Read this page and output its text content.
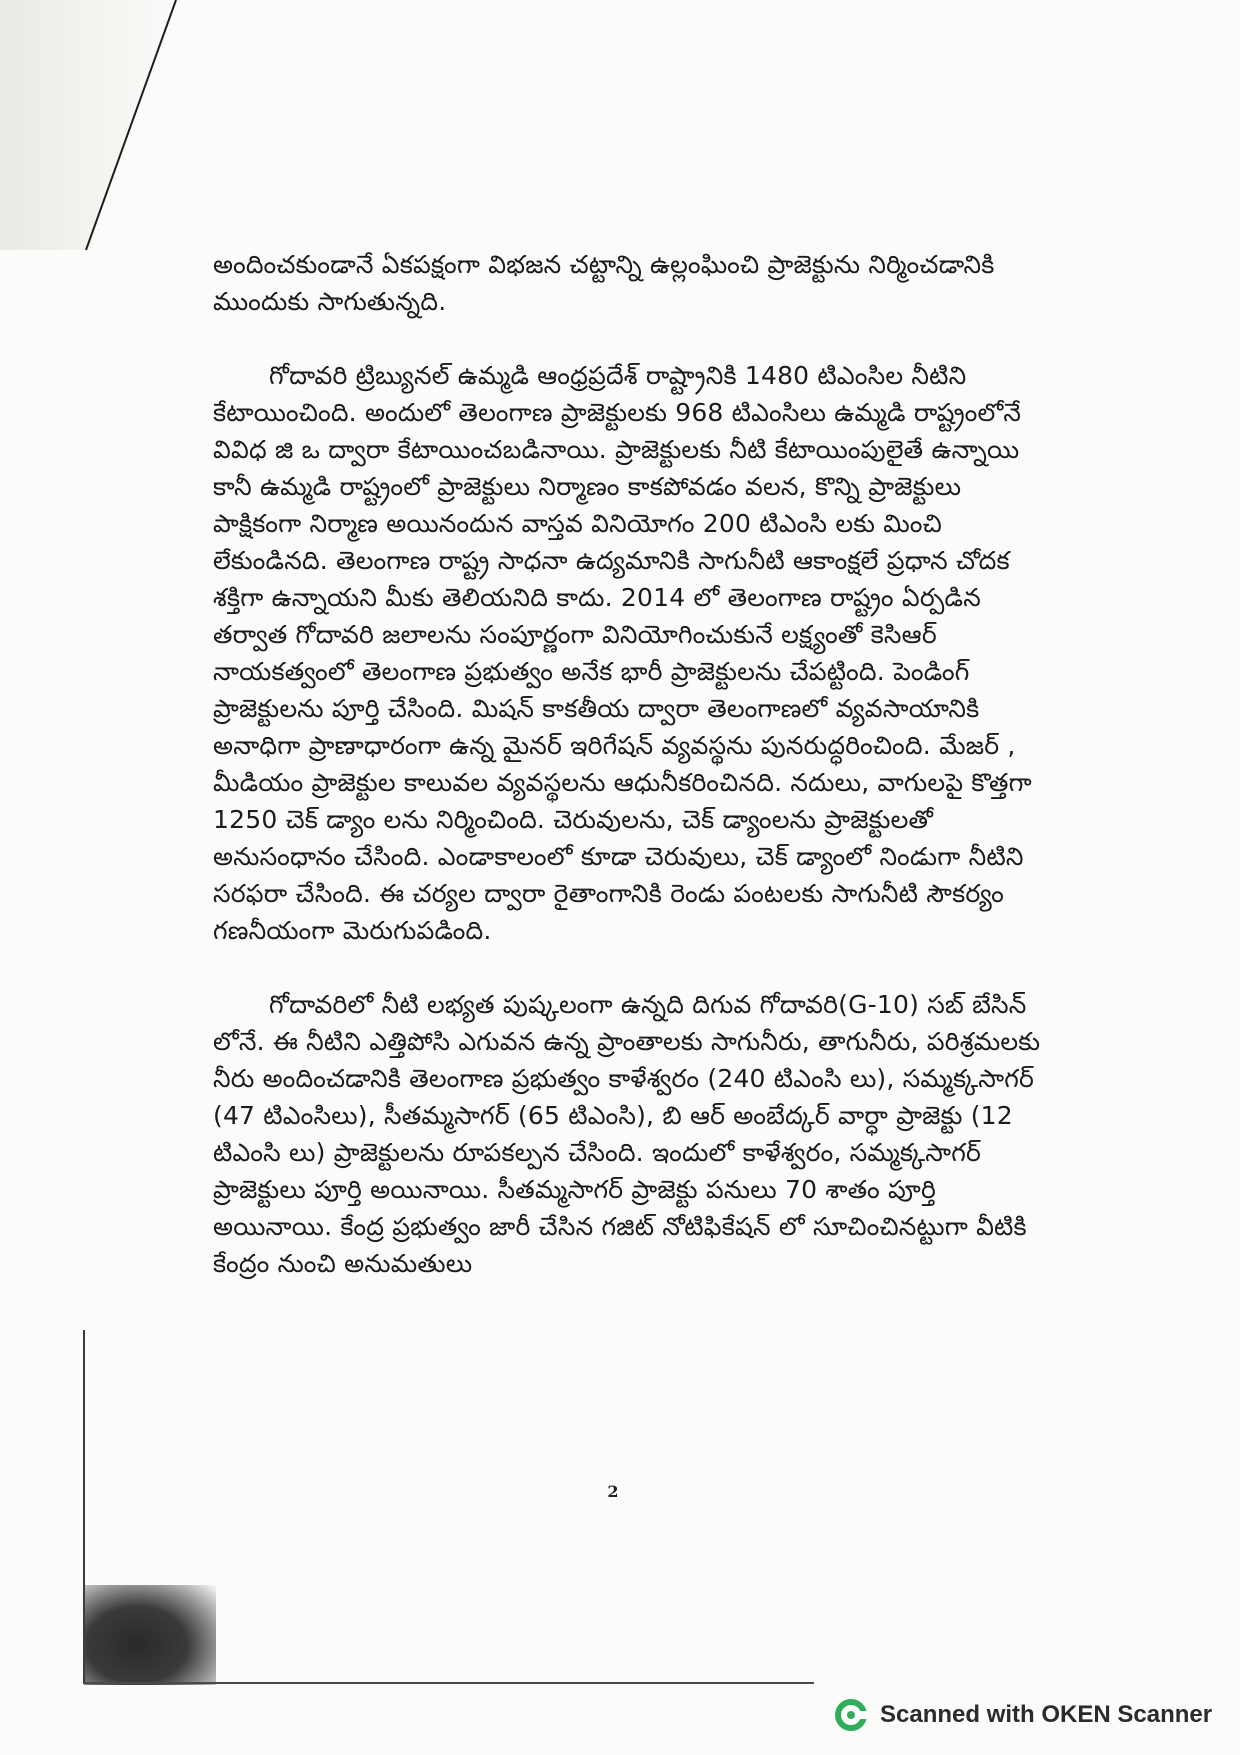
అందించకుండానే ఏకపక్షంగా విభజన చట్టాన్ని ఉల్లంఘించి ప్రాజెక్టును నిర్మించడానికి ముందుకు సాగుతున్నది.

గోదావరి ట్రిబ్యునల్ ఉమ్మడి ఆంధ్రప్రదేశ్ రాష్ట్రానికి 1480 టిఎంసిల నీటిని కేటాయించింది. అందులో తెలంగాణ ప్రాజెక్టులకు 968 టిఎంసిలు ఉమ్మడి రాష్ట్రంలోనే వివిధ జి ఒ ద్వారా కేటాయించబడినాయి. ప్రాజెక్టులకు నీటి కేటాయింపులైతే ఉన్నాయి కానీ ఉమ్మడి రాష్ట్రంలో ప్రాజెక్టులు నిర్మాణం కాకపోవడం వలన, కొన్ని ప్రాజెక్టులు పాక్షికంగా నిర్మాణ అయినందున వాస్తవ వినియోగం 200 టిఎంసి లకు మించి లేకుండినది. తెలంగాణ రాష్ట్ర సాధనా ఉద్యమానికి సాగునీటి ఆకాంక్షలే ప్రధాన చోదక శక్తిగా ఉన్నాయని మీకు తెలియనిది కాదు. 2014 లో తెలంగాణ రాష్ట్రం ఏర్పడిన తర్వాత గోదావరి జలాలను సంపూర్ణంగా వినియోగించుకునే లక్ష్యంతో కెసిఆర్ నాయకత్వంలో తెలంగాణ ప్రభుత్వం అనేక భారీ ప్రాజెక్టులను చేపట్టింది. పెండింగ్ ప్రాజెక్టులను పూర్తి చేసింది. మిషన్ కాకతీయ ద్వారా తెలంగాణలో వ్యవసాయానికి అనాధిగా ప్రాణాధారంగా ఉన్న మైనర్ ఇరిగేషన్ వ్యవస్థను పునరుద్ధరించింది. మేజర్ , మీడియం ప్రాజెక్టుల కాలువల వ్యవస్థలను ఆధునీకరించినది. నదులు, వాగులపై కొత్తగా 1250 చెక్ డ్యాం లను నిర్మించింది. చెరువులను, చెక్ డ్యాంలను ప్రాజెక్టులతో అనుసంధానం చేసింది. ఎండాకాలంలో కూడా చెరువులు, చెక్ డ్యాంలో నిండుగా నీటిని సరఫరా చేసింది. ఈ చర్యల ద్వారా రైతాంగానికి రెండు పంటలకు సాగునీటి సౌకర్యం గణనీయంగా మెరుగుపడింది.

గోదావరిలో నీటి లభ్యత పుష్కలంగా ఉన్నది దిగువ గోదావరి(G-10) సబ్ బేసిన్ లోనే. ఈ నీటిని ఎత్తిపోసి ఎగువన ఉన్న ప్రాంతాలకు సాగునీరు, తాగునీరు, పరిశ్రమలకు నీరు అందించడానికి తెలంగాణ ప్రభుత్వం కాళేశ్వరం (240 టిఎంసి లు), సమ్మక్కసాగర్ (47 టిఎంసిలు), సీతమ్మసాగర్ (65 టిఎంసి), బి ఆర్ అంబేద్కర్ వార్ధా ప్రాజెక్టు (12 టిఎంసి లు) ప్రాజెక్టులను రూపకల్పన చేసింది. ఇందులో కాళేశ్వరం, సమ్మక్కసాగర్ ప్రాజెక్టులు పూర్తి అయినాయి. సీతమ్మసాగర్ ప్రాజెక్టు పనులు 70 శాతం పూర్తి అయినాయి. కేంద్ర ప్రభుత్వం జారీ చేసిన గజిట్ నోటిఫికేషన్ లో సూచించినట్టుగా వీటికి కేంద్రం నుంచి అనుమతులు

2
Scanned with OKEN Scanner
